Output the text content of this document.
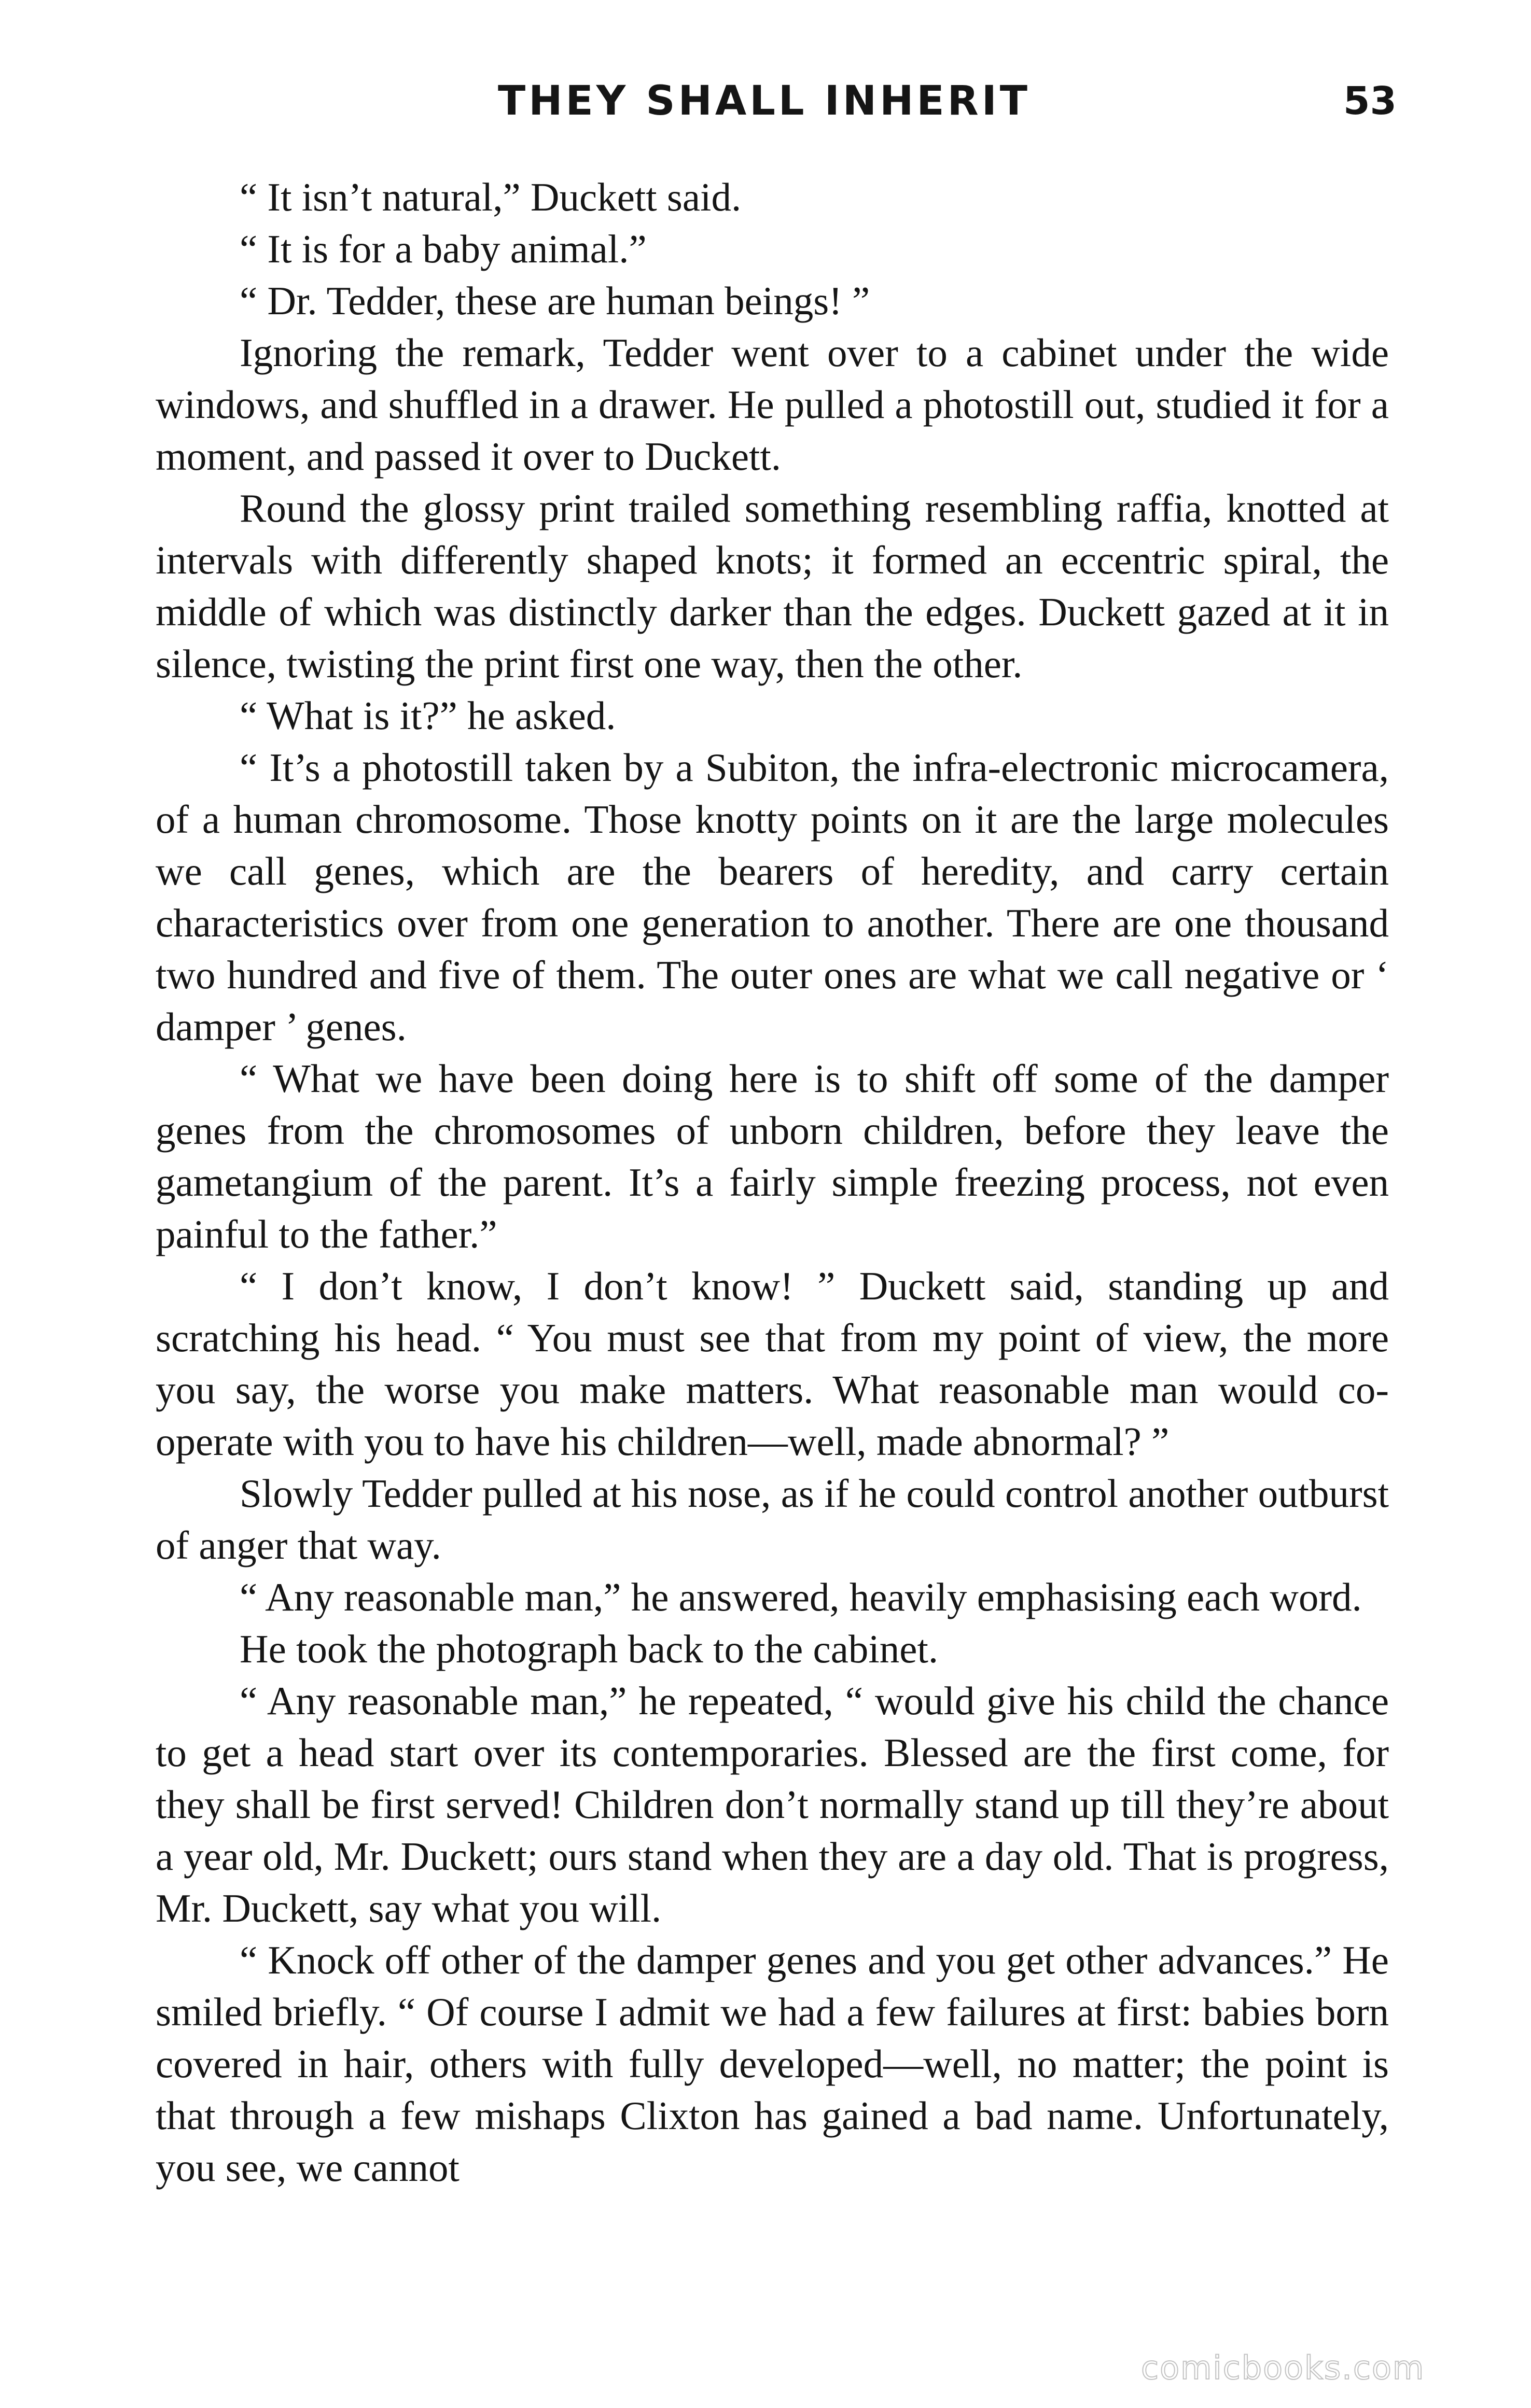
THEY SHALL INHERIT	53

“ It isn’t natural,” Duckett said.

“ It is for a baby animal.”

“ Dr. Tedder, these are human beings! ”

Ignoring the remark, Tedder went over to a cabinet under the wide windows, and shuffled in a drawer. He pulled a photostill out, studied it for a moment, and passed it over to Duckett.

Round the glossy print trailed something resembling raffia, knotted at intervals with differently shaped knots; it formed an eccentric spiral, the middle of which was distinctly darker than the edges. Duckett gazed at it in silence, twisting the print first one way, then the other.

“ What is it?” he asked.

“ It’s a photostill taken by a Subiton, the infra-electronic microcamera, of a human chromosome. Those knotty points on it are the large molecules we call genes, which are the bearers of heredity, and carry certain characteristics over from one generation to another. There are one thousand two hundred and five of them. The outer ones are what we call negative or ‘ damper ’ genes.

“ What we have been doing here is to shift off some of the damper genes from the chromosomes of unborn children, before they leave the gametangium of the parent. It’s a fairly simple freezing process, not even painful to the father.”

“ I don’t know, I don’t know! ” Duckett said, standing up and scratching his head. “ You must see that from my point of view, the more you say, the worse you make matters. What reasonable man would co-operate with you to have his children—well, made abnormal? ”

Slowly Tedder pulled at his nose, as if he could control another outburst of anger that way.

“ Any reasonable man,” he answered, heavily emphasising each word.

He took the photograph back to the cabinet.

“ Any reasonable man,” he repeated, “ would give his child the chance to get a head start over its contemporaries. Blessed are the first come, for they shall be first served! Children don’t normally stand up till they’re about a year old, Mr. Duckett; ours stand when they are a day old. That is progress, Mr. Duckett, say what you will.

“ Knock off other of the damper genes and you get other advances.” He smiled briefly. “ Of course I admit we had a few failures at first: babies born covered in hair, others with fully developed—well, no matter; the point is that through a few mishaps Clixton has gained a bad name. Unfortunately, you see, we cannot

comicbooks.com
